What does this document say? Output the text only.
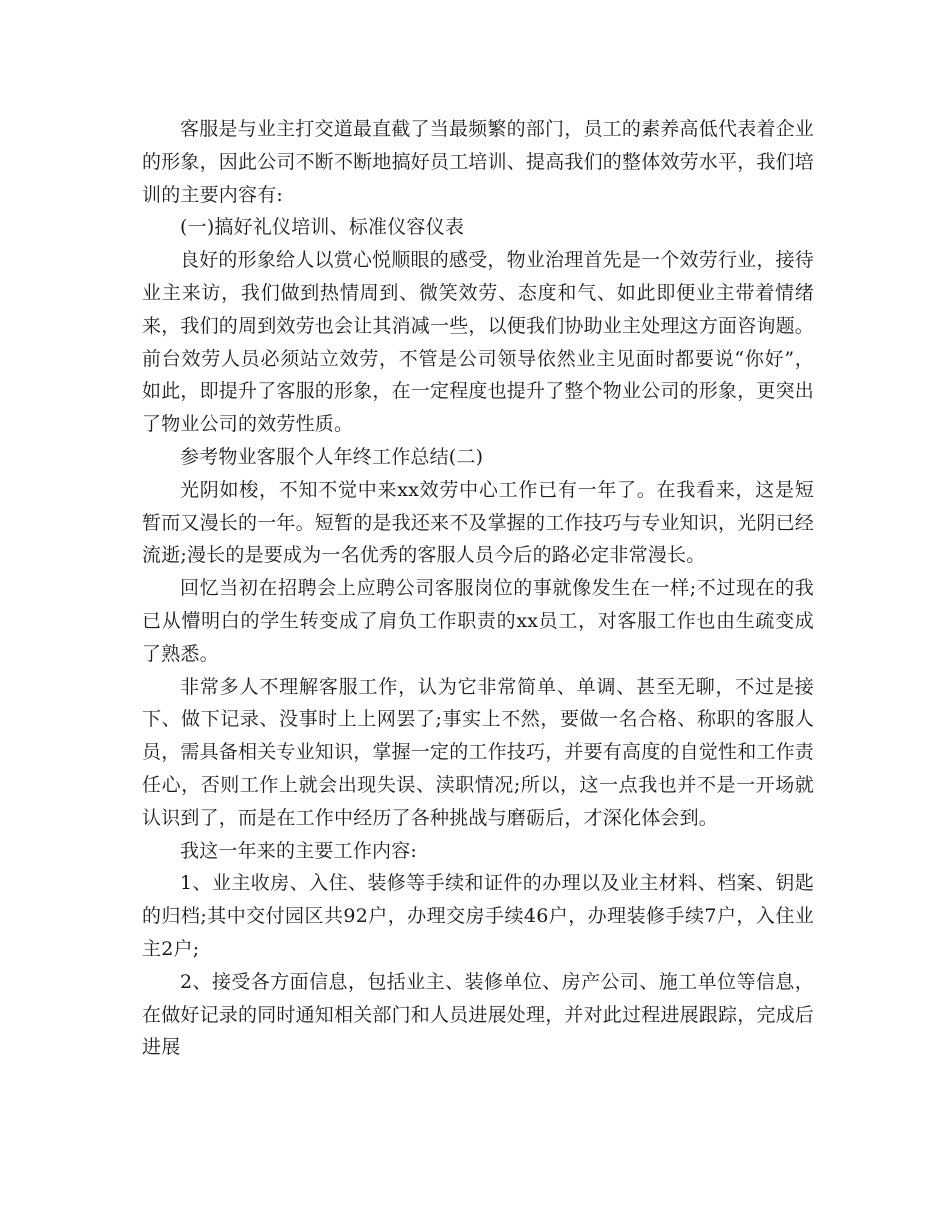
客服是与业主打交道最直截了当最频繁的部门，员工的素养高低代表着企业的形象，因此公司不断不断地搞好员工培训、提高我们的整体效劳水平，我们培训的主要内容有:

(一)搞好礼仪培训、标准仪容仪表

良好的形象给人以赏心悦顺眼的感受，物业治理首先是一个效劳行业，接待业主来访，我们做到热情周到、微笑效劳、态度和气、如此即便业主带着情绪来，我们的周到效劳也会让其消减一些，以便我们协助业主处理这方面咨询题。前台效劳人员必须站立效劳，不管是公司领导依然业主见面时都要说“你好”，如此，即提升了客服的形象，在一定程度也提升了整个物业公司的形象，更突出了物业公司的效劳性质。

参考物业客服个人年终工作总结(二)

光阴如梭，不知不觉中来xx效劳中心工作已有一年了。在我看来，这是短暂而又漫长的一年。短暂的是我还来不及掌握的工作技巧与专业知识，光阴已经流逝;漫长的是要成为一名优秀的客服人员今后的路必定非常漫长。

回忆当初在招聘会上应聘公司客服岗位的事就像发生在一样;不过现在的我已从懵明白的学生转变成了肩负工作职责的xx员工，对客服工作也由生疏变成了熟悉。

非常多人不理解客服工作，认为它非常简单、单调、甚至无聊，不过是接下、做下记录、没事时上上网罢了;事实上不然，要做一名合格、称职的客服人员，需具备相关专业知识，掌握一定的工作技巧，并要有高度的自觉性和工作责任心，否则工作上就会出现失误、渎职情况;所以，这一点我也并不是一开场就认识到了，而是在工作中经历了各种挑战与磨砺后，才深化体会到。

我这一年来的主要工作内容:

1、业主收房、入住、装修等手续和证件的办理以及业主材料、档案、钥匙的归档;其中交付园区共92户，办理交房手续46户，办理装修手续7户，入住业主2户;

2、接受各方面信息，包括业主、装修单位、房产公司、施工单位等信息，在做好记录的同时通知相关部门和人员进展处理，并对此过程进展跟踪，完成后进展
